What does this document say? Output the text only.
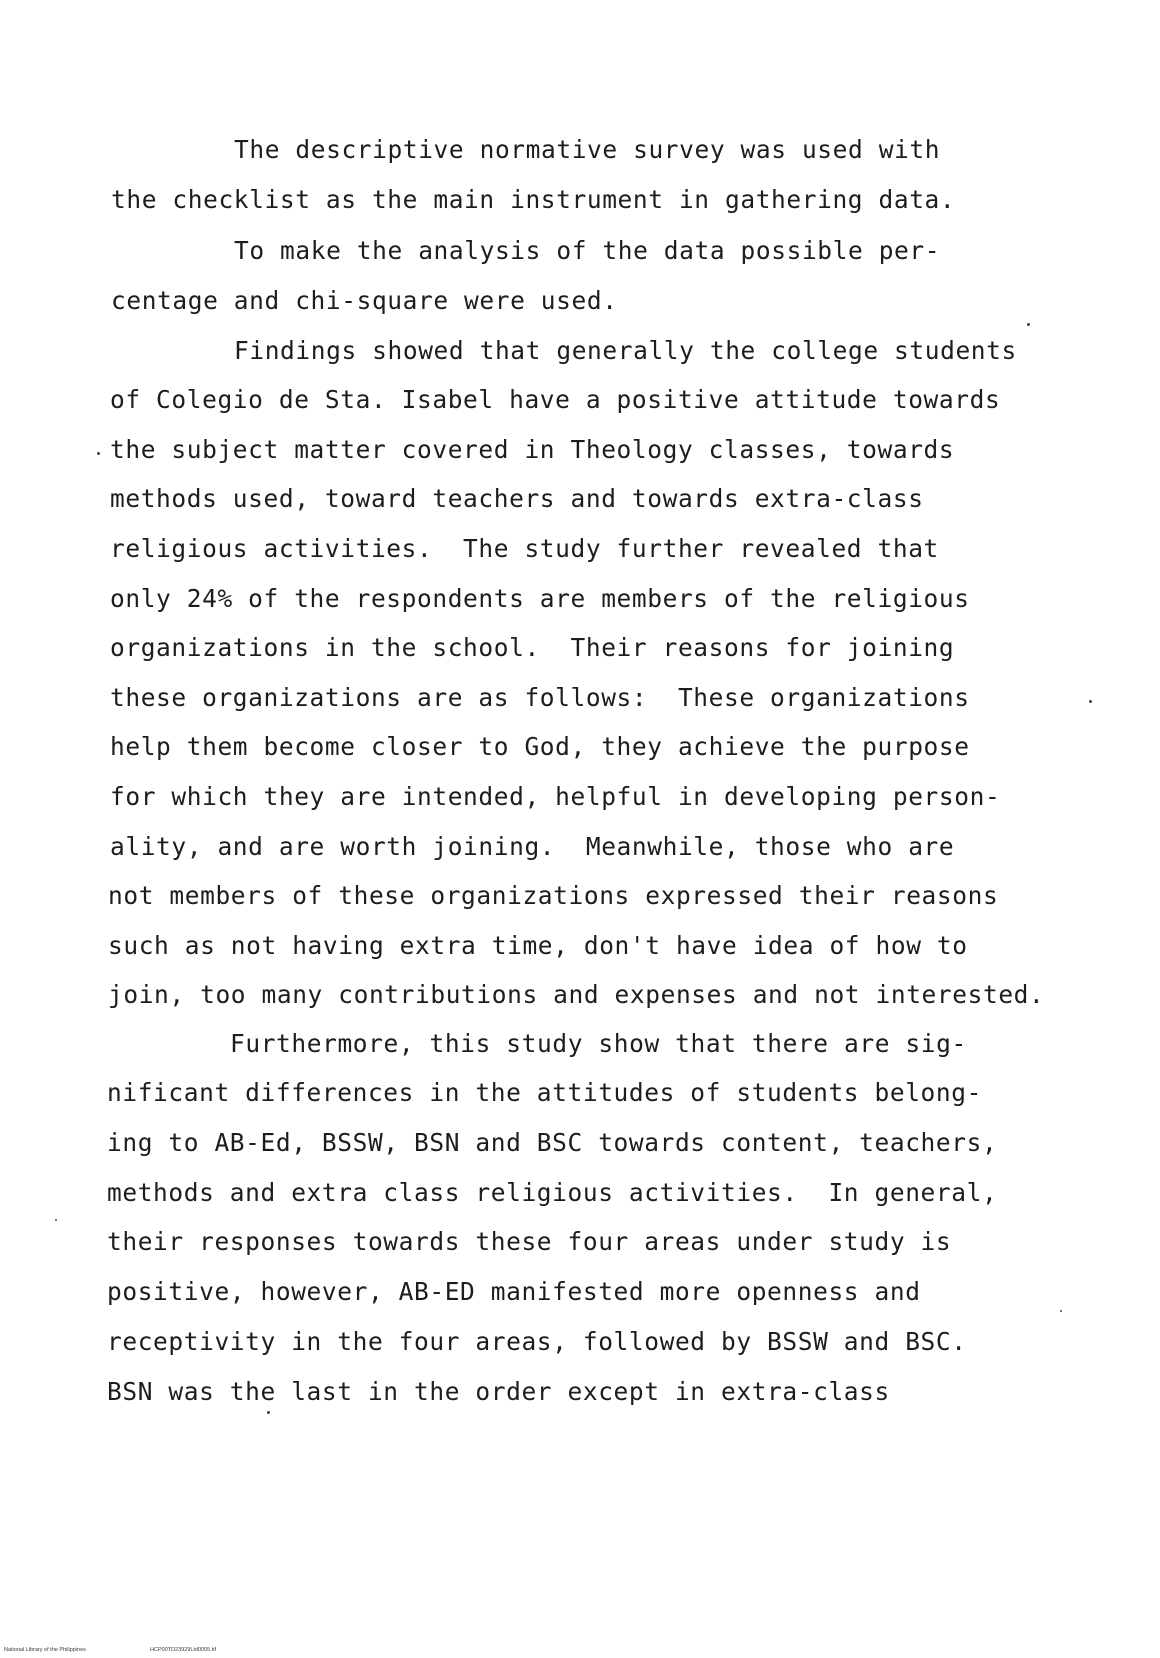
The descriptive normative survey was used with

the checklist as the main instrument in gathering data.

To make the analysis of the data possible per-

centage and chi-square were used.

Findings showed that generally the college students

of Colegio de Sta. Isabel have a positive attitude towards

the subject matter covered in Theology classes, towards

methods used, toward teachers and towards extra-class

religious activities.  The study further revealed that

only 24% of the respondents are members of the religious

organizations in the school.  Their reasons for joining

these organizations are as follows:  These organizations

help them become closer to God, they achieve the purpose

for which they are intended, helpful in developing person-

ality, and are worth joining.  Meanwhile, those who are

not members of these organizations expressed their reasons

such as not having extra time, don't have idea of how to

join, too many contributions and expenses and not interested.

Furthermore, this study show that there are sig-

nificant differences in the attitudes of students belong-

ing to AB-Ed, BSSW, BSN and BSC towards content, teachers,

methods and extra class religious activities.  In general,

their responses towards these four areas under study is

positive, however, AB-ED manifested more openness and

receptivity in the four areas, followed by BSSW and BSC.

BSN was the last in the order except in extra-class

National Library of the Philippines	HCP00TD23929Ltd0005.tif
